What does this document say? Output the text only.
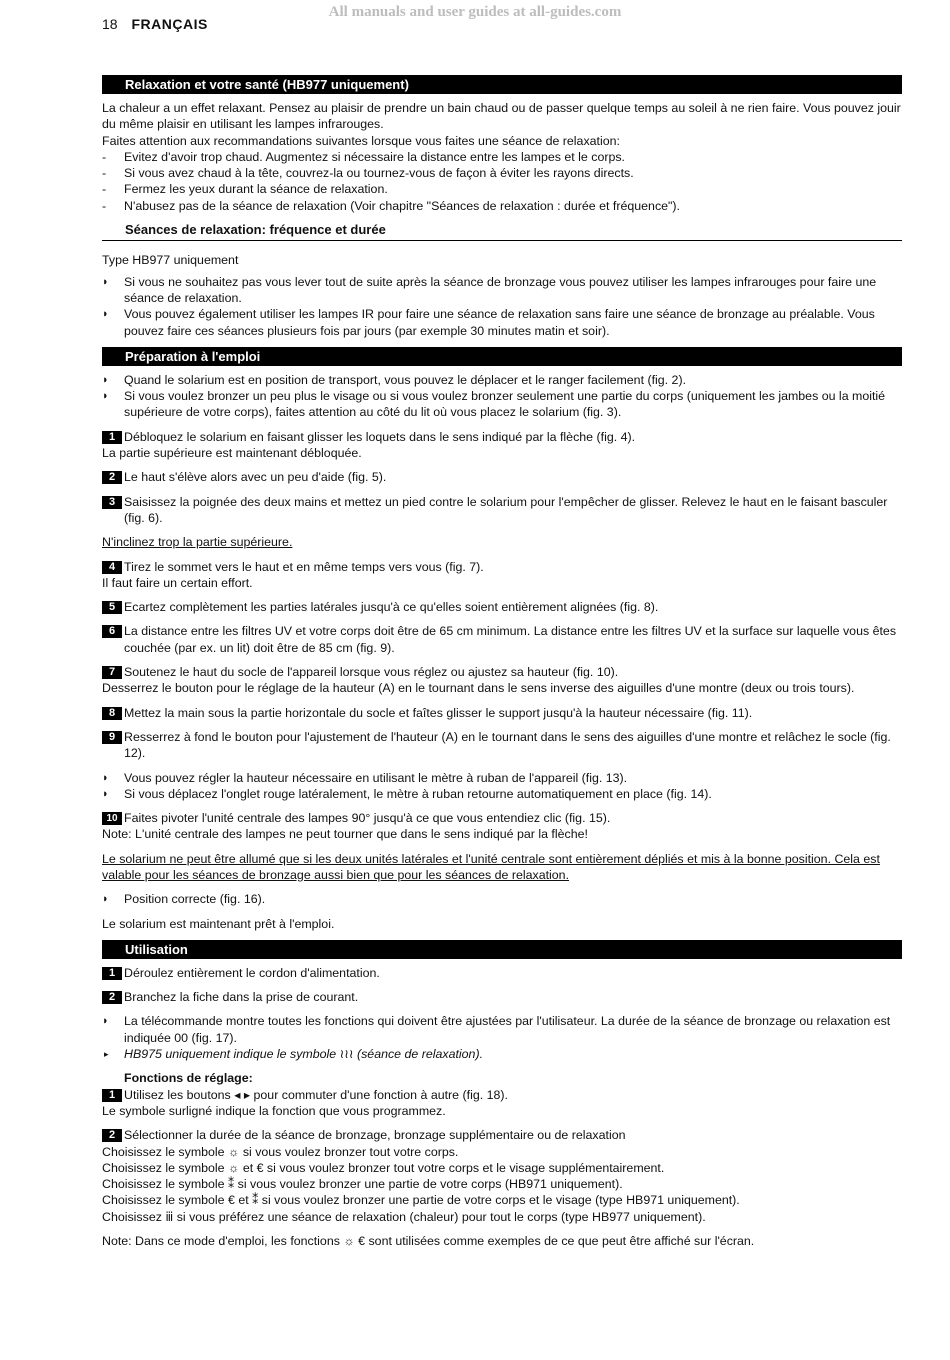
All manuals and user guides at all-guides.com
18 FRANÇAIS
Relaxation et votre santé (HB977 uniquement)

La chaleur a un effet relaxant. Pensez au plaisir de prendre un bain chaud ou de passer quelque temps au soleil à ne rien faire. Vous pouvez jouir du même plaisir en utilisant les lampes infrarouges.

Faites attention aux recommandations suivantes lorsque vous faites une séance de relaxation:

- Evitez d'avoir trop chaud. Augmentez si nécessaire la distance entre les lampes et le corps.
- Si vous avez chaud à la tête, couvrez-la ou tournez-vous de façon à éviter les rayons directs.
- Fermez les yeux durant la séance de relaxation.
- N'abusez pas de la séance de relaxation (Voir chapitre "Séances de relaxation : durée et fréquence").
Séances de relaxation: fréquence et durée

Type HB977 uniquement

◗ Si vous ne souhaitez pas vous lever tout de suite après la séance de bronzage vous pouvez utiliser les lampes infrarouges pour faire une séance de relaxation.
◗ Vous pouvez également utiliser les lampes IR pour faire une séance de relaxation sans faire une séance de bronzage au préalable. Vous pouvez faire ces séances plusieurs fois par jours (par exemple 30 minutes matin et soir).
Préparation à l'emploi
◗ Quand le solarium est en position de transport, vous pouvez le déplacer et le ranger facilement (fig. 2).
◗ Si vous voulez bronzer un peu plus le visage ou si vous voulez bronzer seulement une partie du corps (uniquement les jambes ou la moitié supérieure de votre corps), faites attention au côté du lit où vous placez le solarium (fig. 3).
1 Débloquez le solarium en faisant glisser les loquets dans le sens indiqué par la flèche (fig. 4).

La partie supérieure est maintenant débloquée.

2 Le haut s'élève alors avec un peu d'aide (fig. 5).
3 Saisissez la poignée des deux mains et mettez un pied contre le solarium pour l'empêcher de glisser. Relevez le haut en le faisant basculer (fig. 6).

N'inclinez trop la partie supérieure.

4 Tirez le sommet vers le haut et en même temps vers vous (fig. 7).

Il faut faire un certain effort.

5 Ecartez complètement les parties latérales jusqu'à ce qu'elles soient entièrement alignées (fig. 8).
6 La distance entre les filtres UV et votre corps doit être de 65 cm minimum. La distance entre les filtres UV et la surface sur laquelle vous êtes couchée (par ex. un lit) doit être de 85 cm (fig. 9).
7 Soutenez le haut du socle de l'appareil lorsque vous réglez ou ajustez sa hauteur (fig. 10).

Desserrez le bouton pour le réglage de la hauteur (A) en le tournant dans le sens inverse des aiguilles d'une montre (deux ou trois tours).

8 Mettez la main sous la partie horizontale du socle et faîtes glisser le support jusqu'à la hauteur nécessaire (fig. 11).
9 Resserrez à fond le bouton pour l'ajustement de l'hauteur (A) en le tournant dans le sens des aiguilles d'une montre et relâchez le socle (fig. 12).
◗ Vous pouvez régler la hauteur nécessaire en utilisant le mètre à ruban de l'appareil (fig. 13).
◗ Si vous déplacez l'onglet rouge latéralement, le mètre à ruban retourne automatiquement en place (fig. 14).
10 Faites pivoter l'unité centrale des lampes 90° jusqu'à ce que vous entendiez clic (fig. 15).

Note: L'unité centrale des lampes ne peut tourner que dans le sens indiqué par la flèche!

Le solarium ne peut être allumé que si les deux unités latérales et l'unité centrale sont entièrement dépliés et mis à la bonne position. Cela est valable pour les séances de bronzage aussi bien que pour les séances de relaxation.

◗ Position correcte (fig. 16).

Le solarium est maintenant prêt à l'emploi.

Utilisation
1 Déroulez entièrement le cordon d'alimentation.
2 Branchez la fiche dans la prise de courant.
◗ La télécommande montre toutes les fonctions qui doivent être ajustées par l'utilisateur. La durée de la séance de bronzage ou relaxation est indiquée 00 (fig. 17).
▸ HB975 uniquement indique le symbole ≀≀≀ (séance de relaxation).

Fonctions de réglage:

1 Utilisez les boutons ◂ ▸ pour commuter d'une fonction à autre (fig. 18).

Le symbole surligné indique la fonction que vous programmez.

2 Sélectionner la durée de la séance de bronzage, bronzage supplémentaire ou de relaxation

Choisissez le symbole ☼ si vous voulez bronzer tout votre corps.

Choisissez le symbole ☼ et € si vous voulez bronzer tout votre corps et le visage supplémentairement.

Choisissez le symbole ⁑ si vous voulez bronzer une partie de votre corps (HB971 uniquement).

Choisissez le symbole € et ⁑ si vous voulez bronzer une partie de votre corps et le visage (type HB971 uniquement).

Choisissez ⅲ si vous préférez une séance de relaxation (chaleur) pour tout le corps (type HB977 uniquement).

Note: Dans ce mode d'emploi, les fonctions ☼ € sont utilisées comme exemples de ce que peut être affiché sur l'écran.
